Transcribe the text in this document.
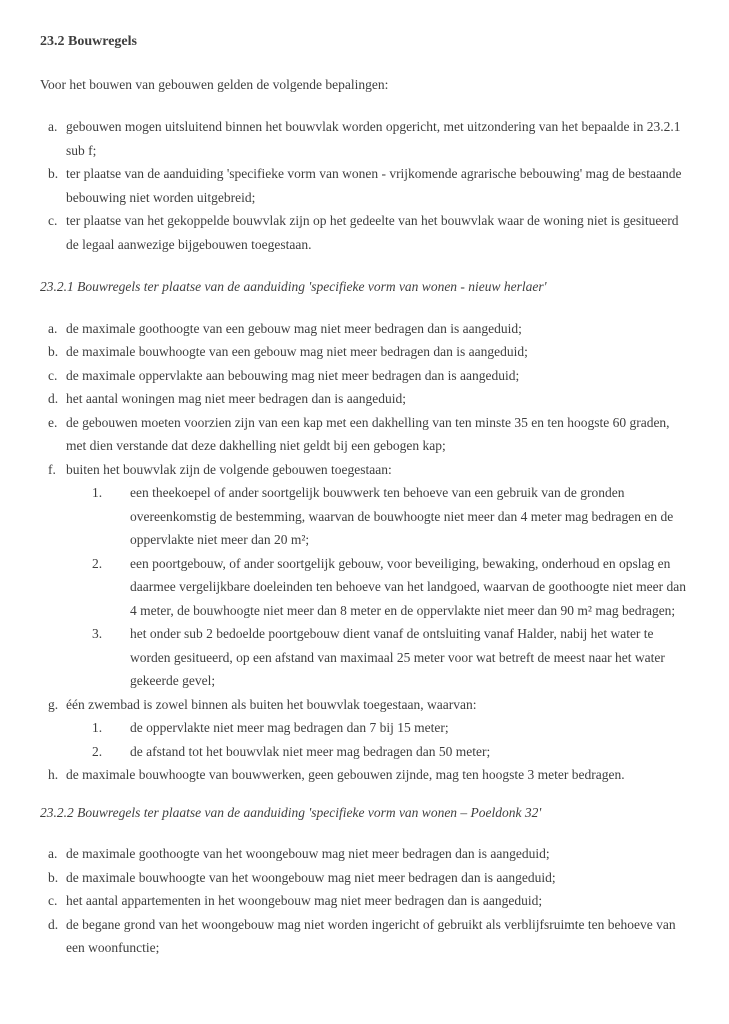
23.2 Bouwregels

Voor het bouwen van gebouwen gelden de volgende bepalingen:

a. gebouwen mogen uitsluitend binnen het bouwvlak worden opgericht, met uitzondering van het bepaalde in 23.2.1 sub f;
b. ter plaatse van de aanduiding 'specifieke vorm van wonen - vrijkomende agrarische bebouwing' mag de bestaande bebouwing niet worden uitgebreid;
c. ter plaatse van het gekoppelde bouwvlak zijn op het gedeelte van het bouwvlak waar de woning niet is gesitueerd de legaal aanwezige bijgebouwen toegestaan.
23.2.1 Bouwregels ter plaatse van de aanduiding 'specifieke vorm van wonen - nieuw herlaer'
a. de maximale goothoogte van een gebouw mag niet meer bedragen dan is aangeduid;
b. de maximale bouwhoogte van een gebouw mag niet meer bedragen dan is aangeduid;
c. de maximale oppervlakte aan bebouwing mag niet meer bedragen dan is aangeduid;
d. het aantal woningen mag niet meer bedragen dan is aangeduid;
e. de gebouwen moeten voorzien zijn van een kap met een dakhelling van ten minste 35 en ten hoogste 60 graden, met dien verstande dat deze dakhelling niet geldt bij een gebogen kap;
f. buiten het bouwvlak zijn de volgende gebouwen toegestaan:
1.	een theekoepel of ander soortgelijk bouwwerk ten behoeve van een gebruik van de gronden overeenkomstig de bestemming, waarvan de bouwhoogte niet meer dan 4 meter mag bedragen en de oppervlakte niet meer dan 20 m²;
2.	een poortgebouw, of ander soortgelijk gebouw, voor beveiliging, bewaking, onderhoud en opslag en daarmee vergelijkbare doeleinden ten behoeve van het landgoed, waarvan de goothoogte niet meer dan 4 meter, de bouwhoogte niet meer dan 8 meter en de oppervlakte niet meer dan 90 m² mag bedragen;
3.	het onder sub 2 bedoelde poortgebouw dient vanaf de ontsluiting vanaf Halder, nabij het water te worden gesitueerd, op een afstand van maximaal 25 meter voor wat betreft de meest naar het water gekeerde gevel;
g. één zwembad is zowel binnen als buiten het bouwvlak toegestaan, waarvan:
1.	de oppervlakte niet meer mag bedragen dan 7 bij 15 meter;
2.	de afstand tot het bouwvlak niet meer mag bedragen dan 50 meter;
h. de maximale bouwhoogte van bouwwerken, geen gebouwen zijnde, mag ten hoogste 3 meter bedragen.
23.2.2 Bouwregels ter plaatse van de aanduiding 'specifieke vorm van wonen – Poeldonk 32'
a. de maximale goothoogte van het woongebouw mag niet meer bedragen dan is aangeduid;
b. de maximale bouwhoogte van het woongebouw mag niet meer bedragen dan is aangeduid;
c. het aantal appartementen in het woongebouw mag niet meer bedragen dan is aangeduid;
d. de begane grond van het woongebouw mag niet worden ingericht of gebruikt als verblijfsruimte ten behoeve van een woonfunctie;
